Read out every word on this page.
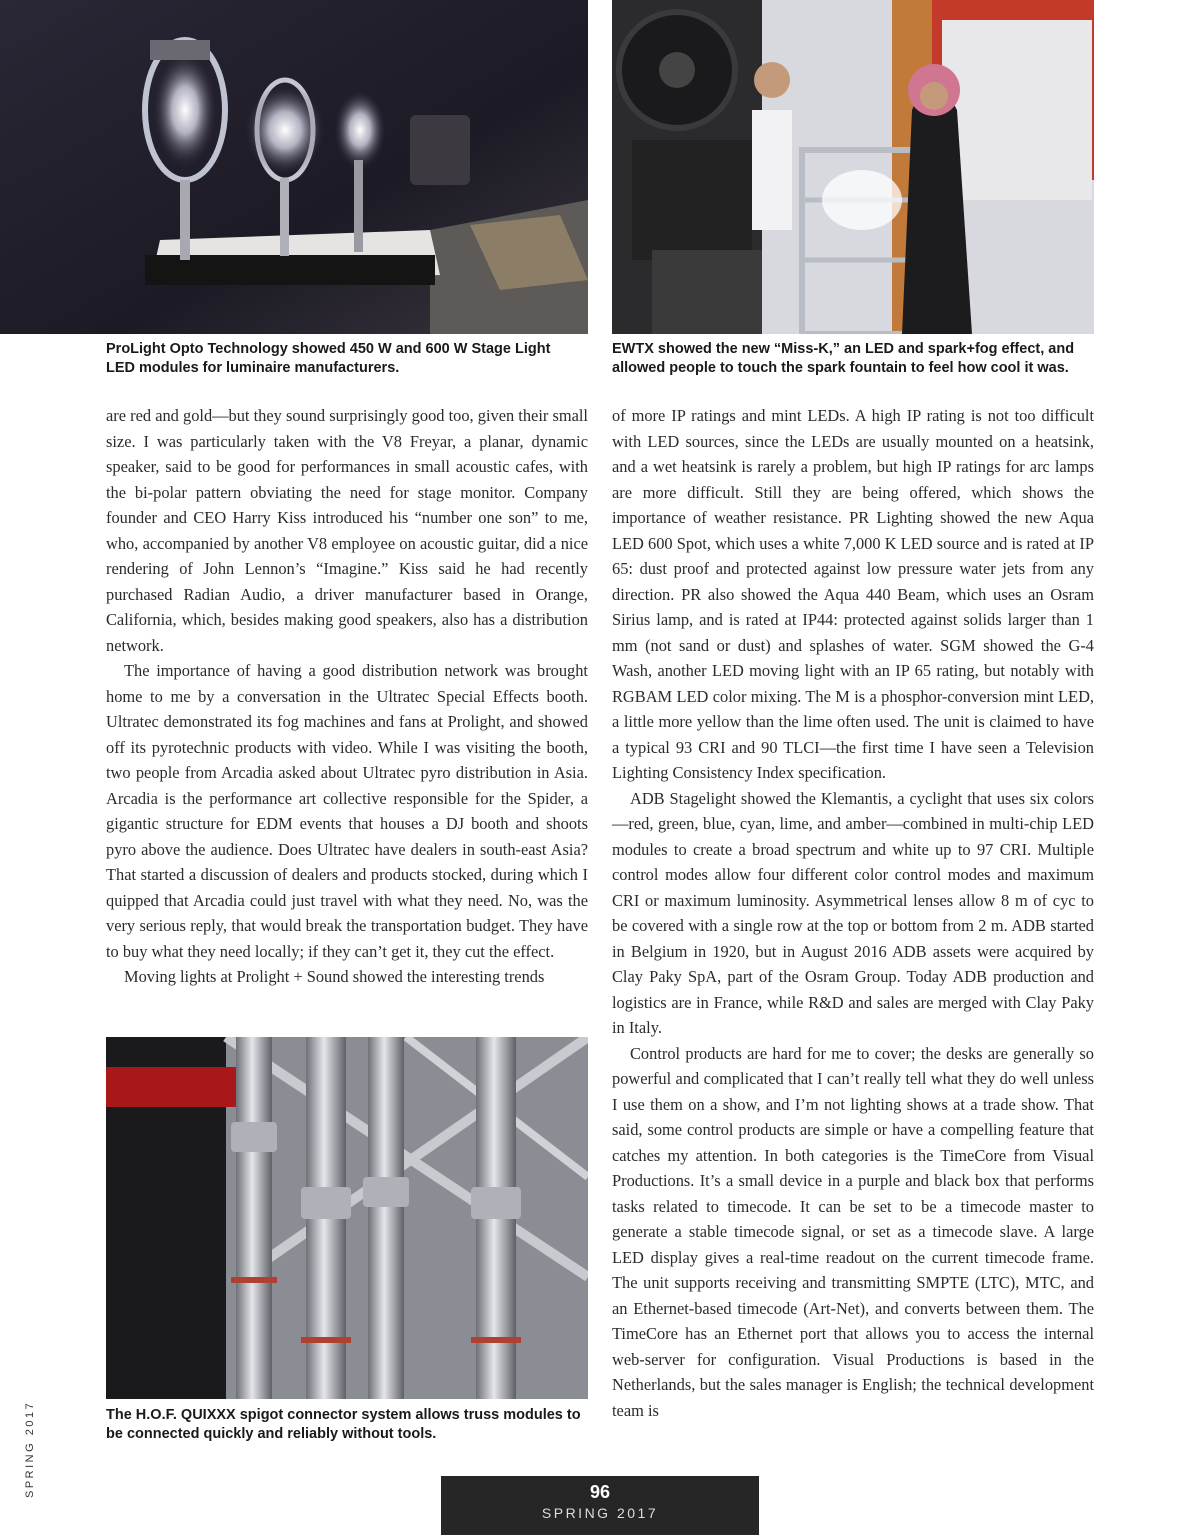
ProLight Opto Technology showed 450 W and 600 W Stage Light LED modules for luminaire manufacturers.
EWTX showed the new “Miss-K,” an LED and spark+fog effect, and allowed people to touch the spark fountain to feel how cool it was.

are red and gold—but they sound surprisingly good too, given their small size. I was particularly taken with the V8 Freyar, a planar, dynamic speaker, said to be good for performances in small acoustic cafes, with the bi-polar pattern obviating the need for stage monitor. Company founder and CEO Harry Kiss introduced his “number one son” to me, who, accompanied by another V8 employee on acoustic guitar, did a nice rendering of John Lennon’s “Imagine.” Kiss said he had recently purchased Radian Audio, a driver manufacturer based in Orange, California, which, besides making good speakers, also has a distribution network.

The importance of having a good distribution network was brought home to me by a conversation in the Ultratec Special Effects booth. Ultratec demonstrated its fog machines and fans at Prolight, and showed off its pyrotechnic products with video. While I was visiting the booth, two people from Arcadia asked about Ultratec pyro distribution in Asia. Arcadia is the performance art collective responsible for the Spider, a gigantic structure for EDM events that houses a DJ booth and shoots pyro above the audience. Does Ultratec have dealers in south-east Asia? That started a discussion of dealers and products stocked, during which I quipped that Arcadia could just travel with what they need. No, was the very serious reply, that would break the transportation budget. They have to buy what they need locally; if they can’t get it, they cut the effect.

Moving lights at Prolight + Sound showed the interesting trends

The H.O.F. QUIXXX spigot connector system allows truss modules to be connected quickly and reliably without tools.

of more IP ratings and mint LEDs. A high IP rating is not too difficult with LED sources, since the LEDs are usually mounted on a heatsink, and a wet heatsink is rarely a problem, but high IP ratings for arc lamps are more difficult. Still they are being offered, which shows the importance of weather resistance. PR Lighting showed the new Aqua LED 600 Spot, which uses a white 7,000 K LED source and is rated at IP 65: dust proof and protected against low pressure water jets from any direction. PR also showed the Aqua 440 Beam, which uses an Osram Sirius lamp, and is rated at IP44: protected against solids larger than 1 mm (not sand or dust) and splashes of water. SGM showed the G-4 Wash, another LED moving light with an IP 65 rating, but notably with RGBAM LED color mixing. The M is a phosphor-conversion mint LED, a little more yellow than the lime often used. The unit is claimed to have a typical 93 CRI and 90 TLCI—the first time I have seen a Television Lighting Consistency Index specification.

ADB Stagelight showed the Klemantis, a cyclight that uses six colors—red, green, blue, cyan, lime, and amber—combined in multi-chip LED modules to create a broad spectrum and white up to 97 CRI. Multiple control modes allow four different color control modes and maximum CRI or maximum luminosity. Asymmetrical lenses allow 8 m of cyc to be covered with a single row at the top or bottom from 2 m. ADB started in Belgium in 1920, but in August 2016 ADB assets were acquired by Clay Paky SpA, part of the Osram Group. Today ADB production and logistics are in France, while R&D and sales are merged with Clay Paky in Italy.

Control products are hard for me to cover; the desks are generally so powerful and complicated that I can’t really tell what they do well unless I use them on a show, and I’m not lighting shows at a trade show. That said, some control products are simple or have a compelling feature that catches my attention. In both categories is the TimeCore from Visual Productions. It’s a small device in a purple and black box that performs tasks related to timecode. It can be set to be a timecode master to generate a stable timecode signal, or set as a timecode slave. A large LED display gives a real-time readout on the current timecode frame. The unit supports receiving and transmitting SMPTE (LTC), MTC, and an Ethernet-based timecode (Art-Net), and converts between them. The TimeCore has an Ethernet port that allows you to access the internal web-server for configuration. Visual Productions is based in the Netherlands, but the sales manager is English; the technical development team is

SPRING 2017	96
SPRING 2017
